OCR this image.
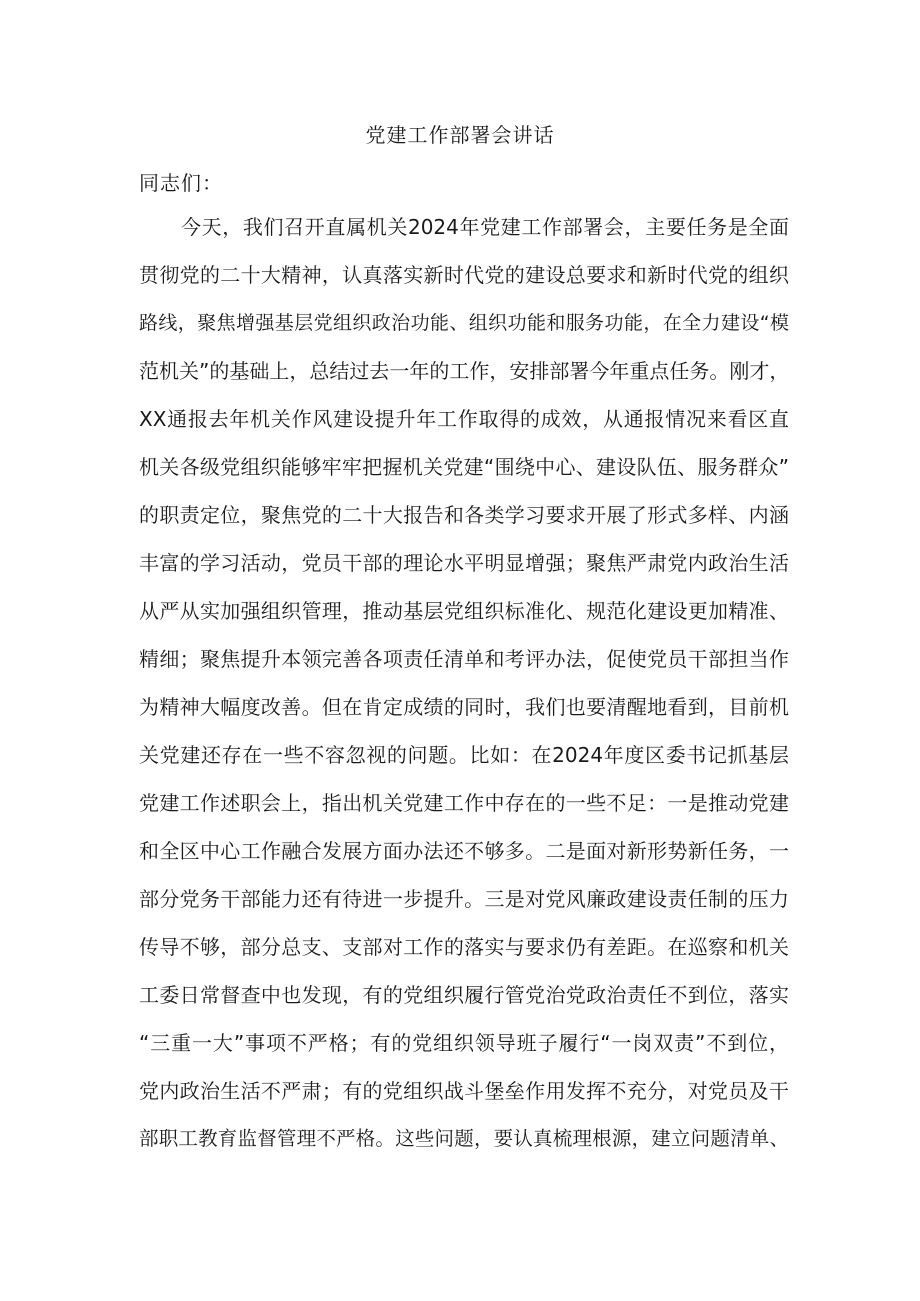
党建工作部署会讲话
同志们：
今天，我们召开直属机关2024年党建工作部署会，主要任务是全面
贯彻党的二十大精神，认真落实新时代党的建设总要求和新时代党的组织
路线，聚焦增强基层党组织政治功能、组织功能和服务功能，在全力建设“模
范机关”的基础上，总结过去一年的工作，安排部署今年重点任务。刚才，
XX通报去年机关作风建设提升年工作取得的成效，从通报情况来看区直
机关各级党组织能够牢牢把握机关党建“围绕中心、建设队伍、服务群众”
的职责定位，聚焦党的二十大报告和各类学习要求开展了形式多样、内涵
丰富的学习活动，党员干部的理论水平明显增强；聚焦严肃党内政治生活
从严从实加强组织管理，推动基层党组织标准化、规范化建设更加精准、
精细；聚焦提升本领完善各项责任清单和考评办法，促使党员干部担当作
为精神大幅度改善。但在肯定成绩的同时，我们也要清醒地看到，目前机
关党建还存在一些不容忽视的问题。比如：在2024年度区委书记抓基层
党建工作述职会上，指出机关党建工作中存在的一些不足：一是推动党建
和全区中心工作融合发展方面办法还不够多。二是面对新形势新任务，一
部分党务干部能力还有待进一步提升。三是对党风廉政建设责任制的压力
传导不够，部分总支、支部对工作的落实与要求仍有差距。在巡察和机关
工委日常督查中也发现，有的党组织履行管党治党政治责任不到位，落实
“三重一大”事项不严格；有的党组织领导班子履行“一岗双责”不到位，
党内政治生活不严肃；有的党组织战斗堡垒作用发挥不充分，对党员及干
部职工教育监督管理不严格。这些问题，要认真梳理根源，建立问题清单、
